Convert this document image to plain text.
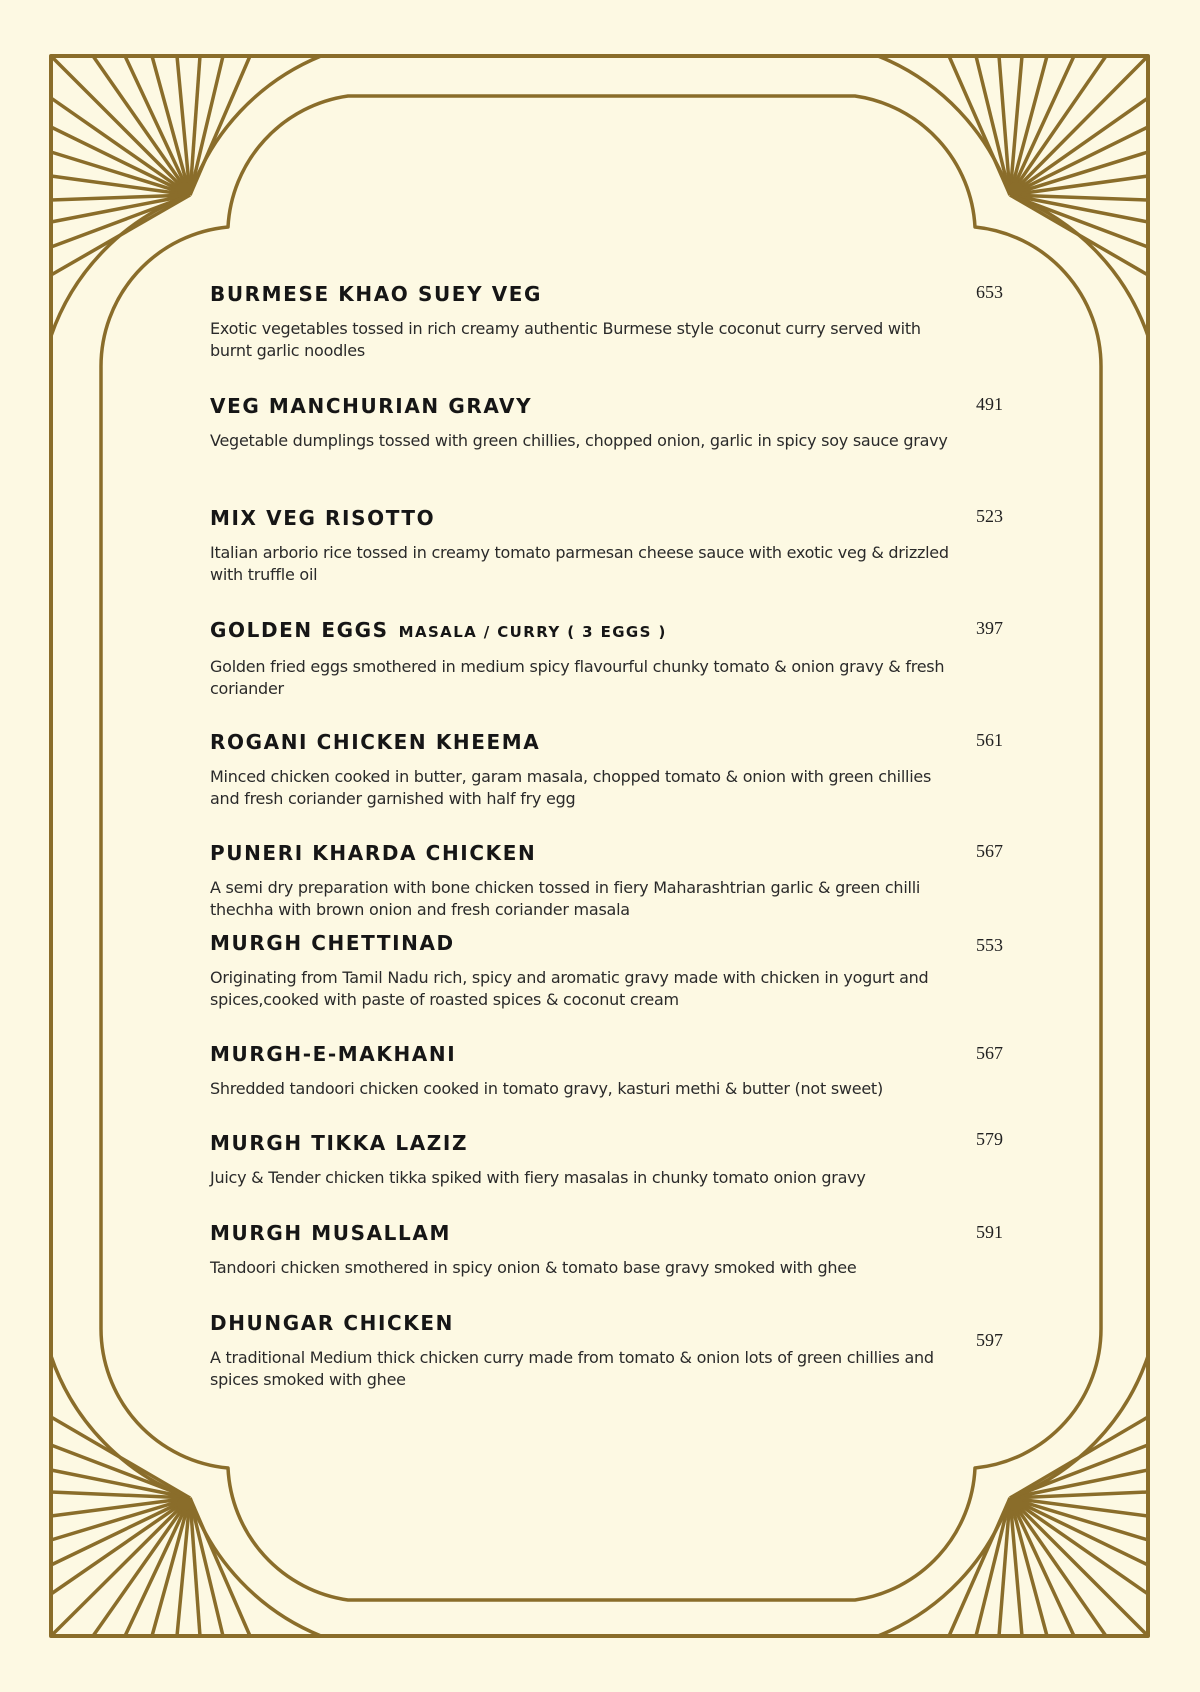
BURMESE KHAO SUEY VEG
Exotic vegetables tossed in rich creamy authentic Burmese style coconut curry served with burnt garlic noodles
653
VEG MANCHURIAN GRAVY
Vegetable dumplings tossed with green chillies, chopped onion, garlic in spicy soy sauce gravy
491
MIX VEG RISOTTO
Italian arborio rice tossed in creamy tomato parmesan cheese sauce with exotic veg & drizzled with truffle oil
523
GOLDEN EGGS MASALA / CURRY ( 3 EGGS )
Golden fried eggs smothered in medium spicy flavourful chunky tomato & onion gravy & fresh coriander
397
ROGANI CHICKEN KHEEMA
Minced chicken cooked in butter, garam masala, chopped tomato & onion with green chillies and fresh coriander garnished with half fry egg
561
PUNERI KHARDA CHICKEN
A semi dry preparation with bone chicken tossed in fiery Maharashtrian garlic & green chilli thechha with brown onion and fresh coriander masala
567
MURGH CHETTINAD
Originating from Tamil Nadu rich, spicy and aromatic gravy made with chicken in yogurt and spices,cooked with paste of roasted spices & coconut cream
553
MURGH-E-MAKHANI
Shredded tandoori chicken cooked in tomato gravy, kasturi methi & butter (not sweet)
567
MURGH TIKKA LAZIZ
Juicy & Tender chicken tikka spiked with fiery masalas in chunky tomato onion gravy
579
MURGH MUSALLAM
Tandoori chicken smothered in spicy onion & tomato base gravy smoked with ghee
591
DHUNGAR CHICKEN
A traditional Medium thick chicken curry made from tomato & onion lots of green chillies and spices smoked with ghee
597
